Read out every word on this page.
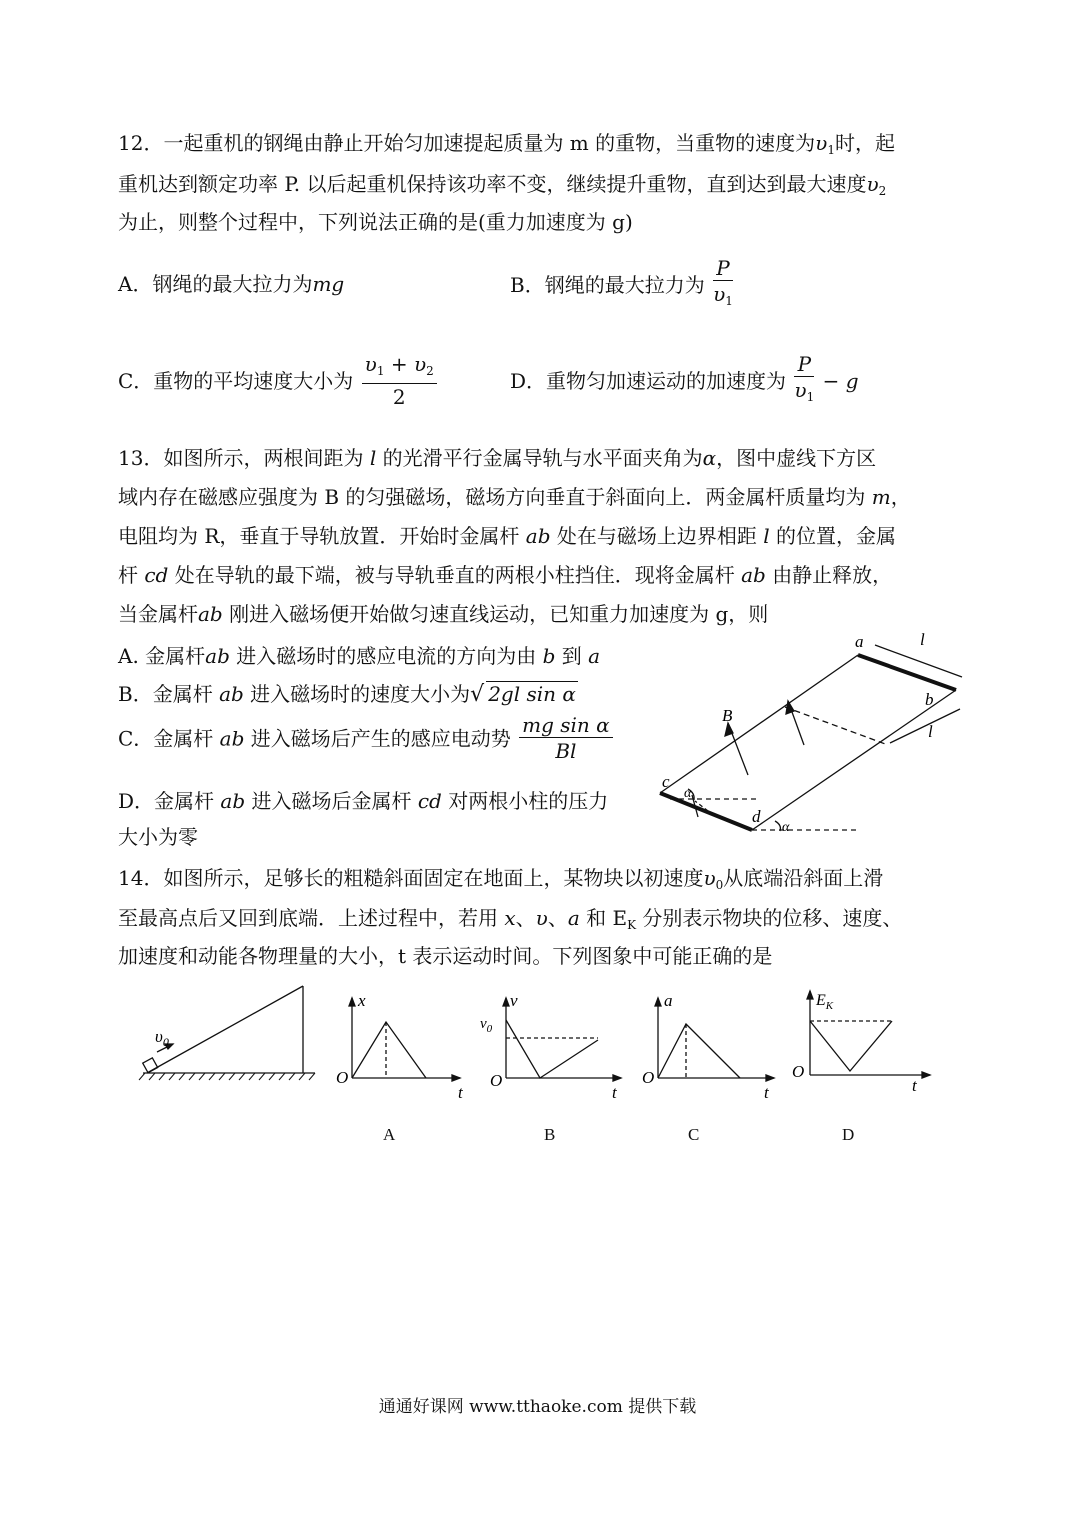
12．一起重机的钢绳由静止开始匀加速提起质量为 m 的重物，当重物的速度为$\upsilon_1$时，起
重机达到额定功率 P. 以后起重机保持该功率不变，继续提升重物，直到达到最大速度$\upsilon_2$
为止，则整个过程中，下列说法正确的是(重力加速度为 g)
A．钢绳的最大拉力为mg	B．钢绳的最大拉力为 $\frac{P}{\upsilon_1}$
C．重物的平均速度大小为 $\frac{\upsilon_1 + \upsilon_2}{2}$	D．重物匀加速运动的加速度为 $\frac{P}{\upsilon_1} - g$
13．如图所示，两根间距为 l 的光滑平行金属导轨与水平面夹角为α，图中虚线下方区
域内存在磁感应强度为 B 的匀强磁场，磁场方向垂直于斜面向上．两金属杆质量均为 m，
电阻均为 R，垂直于导轨放置．开始时金属杆 ab 处在与磁场上边界相距 l 的位置，金属
杆 cd 处在导轨的最下端，被与导轨垂直的两根小柱挡住．现将金属杆 ab 由静止释放，
当金属杆ab 刚进入磁场便开始做匀速直线运动，已知重力加速度为 g，则
A. 金属杆ab 进入磁场时的感应电流的方向为由 b 到 a
B．金属杆 ab 进入磁场时的速度大小为√ 2gl sin α
C．金属杆 ab 进入磁场后产生的感应电动势 $\frac{\text{mg sin α}}{Bl}$
D．金属杆 ab 进入磁场后金属杆 cd 对两根小柱的压力
大小为零
a
b
l
l
B
c
d
α
α
14．如图所示，足够长的粗糙斜面固定在地面上，某物块以初速度$\upsilon_0$从底端沿斜面上滑
至最高点后又回到底端．上述过程中，若用 x、υ、a 和 $E_K$ 分别表示物块的位移、速度、
加速度和动能各物理量的大小，t 表示运动时间。下列图象中可能正确的是
$\upsilon_0$
x
O
t
v
$v_0$
O
t
a
O
t
$E_K$
O
t
A	B	C	D
通通好课网 www.tthaoke.com 提供下载
